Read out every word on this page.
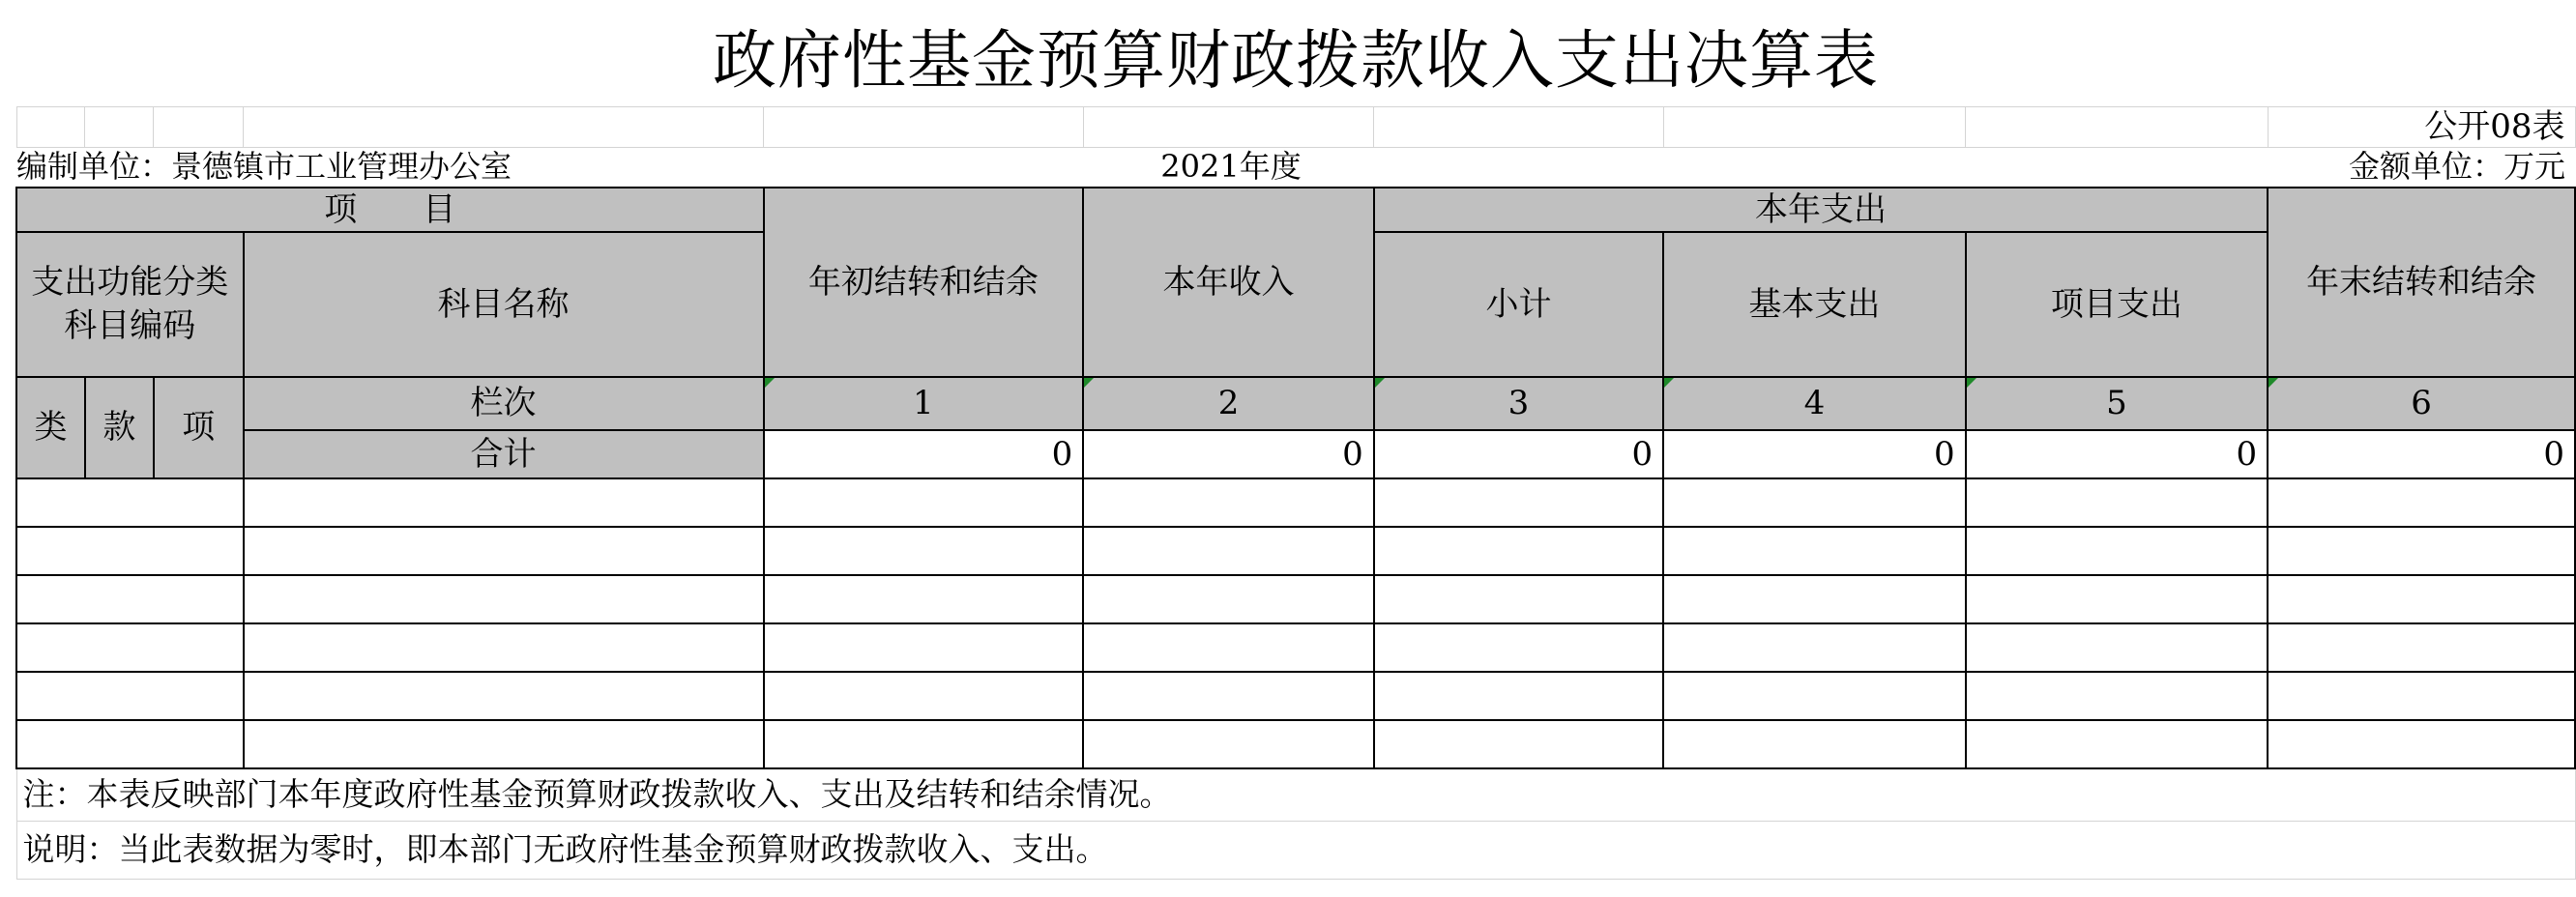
政府性基金预算财政拨款收入支出决算表									
									公开08表
编制单位：景德镇市工业管理办公室					2021年度		金额单位：万元		
项　　目				年初结转和结余	本年收入	本年支出			年末结转和结余
支出功能分类科目编码			科目名称			小计	基本支出	项目支出	
类	款	项	栏次	1	2	3	4	5	6
			合计	0	0	0	0	0	0

注：本表反映部门本年度政府性基金预算财政拨款收入、支出及结转和结余情况。									
说明：当此表数据为零时，即本部门无政府性基金预算财政拨款收入、支出。									
